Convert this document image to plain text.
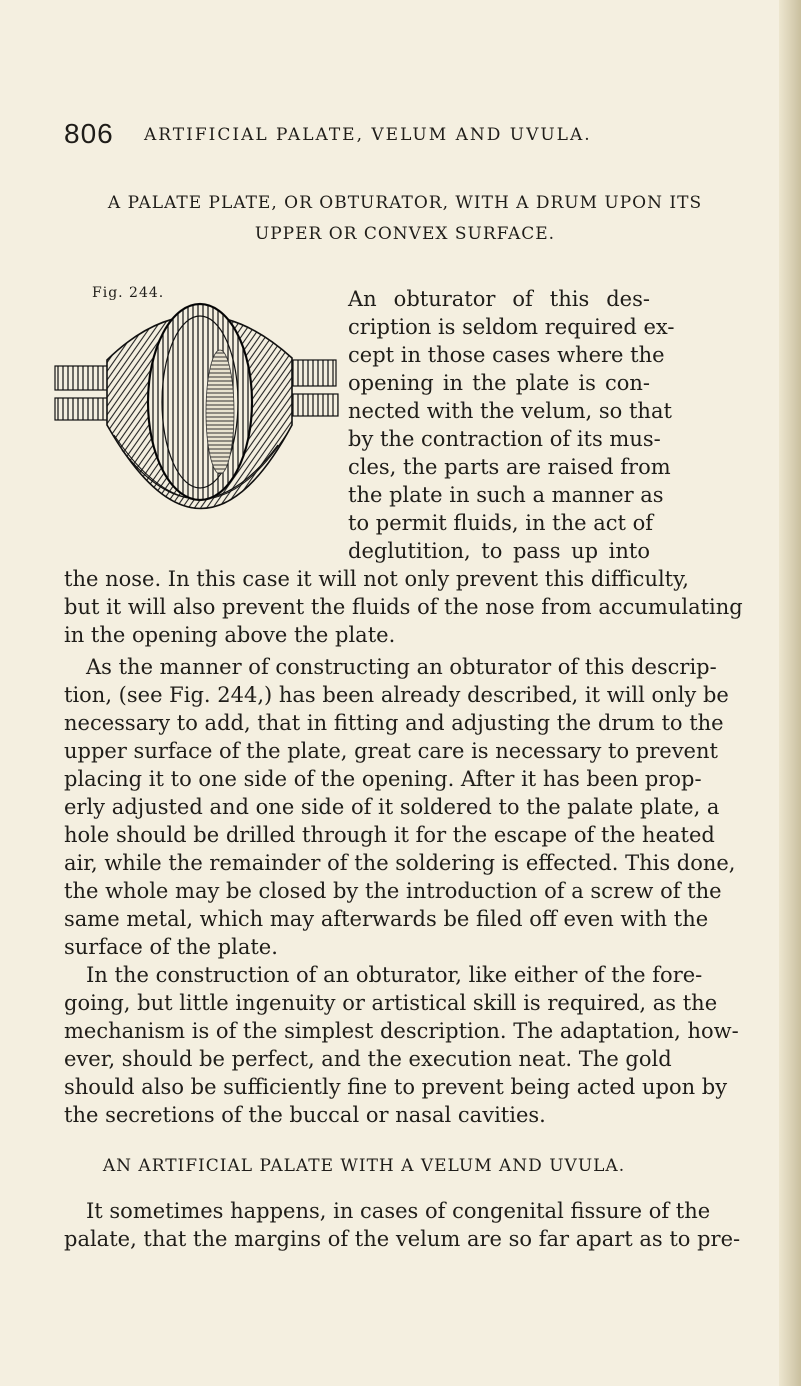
806 ARTIFICIAL PALATE, VELUM AND UVULA.
A PALATE PLATE, OR OBTURATOR, WITH A DRUM UPON ITS
UPPER OR CONVEX SURFACE.
Fig. 244.	An obturator of this des-
cription is seldom required ex-
cept in those cases where the
opening in the plate is con-
nected with the velum, so that
by the contraction of its mus-
cles, the parts are raised from
the plate in such a manner as
to permit fluids, in the act of
deglutition, to pass up into
the nose. In this case it will not only prevent this difficulty,
but it will also prevent the fluids of the nose from accumulating
in the opening above the plate.
As the manner of constructing an obturator of this descrip-
tion, (see Fig. 244,) has been already described, it will only be
necessary to add, that in fitting and adjusting the drum to the
upper surface of the plate, great care is necessary to prevent
placing it to one side of the opening. After it has been prop-
erly adjusted and one side of it soldered to the palate plate, a
hole should be drilled through it for the escape of the heated
air, while the remainder of the soldering is effected. This done,
the whole may be closed by the introduction of a screw of the
same metal, which may afterwards be filed off even with the
surface of the plate.
In the construction of an obturator, like either of the fore-
going, but little ingenuity or artistical skill is required, as the
mechanism is of the simplest description. The adaptation, how-
ever, should be perfect, and the execution neat. The gold
should also be sufficiently fine to prevent being acted upon by
the secretions of the buccal or nasal cavities.
AN ARTIFICIAL PALATE WITH A VELUM AND UVULA.
It sometimes happens, in cases of congenital fissure of the
palate, that the margins of the velum are so far apart as to pre-
